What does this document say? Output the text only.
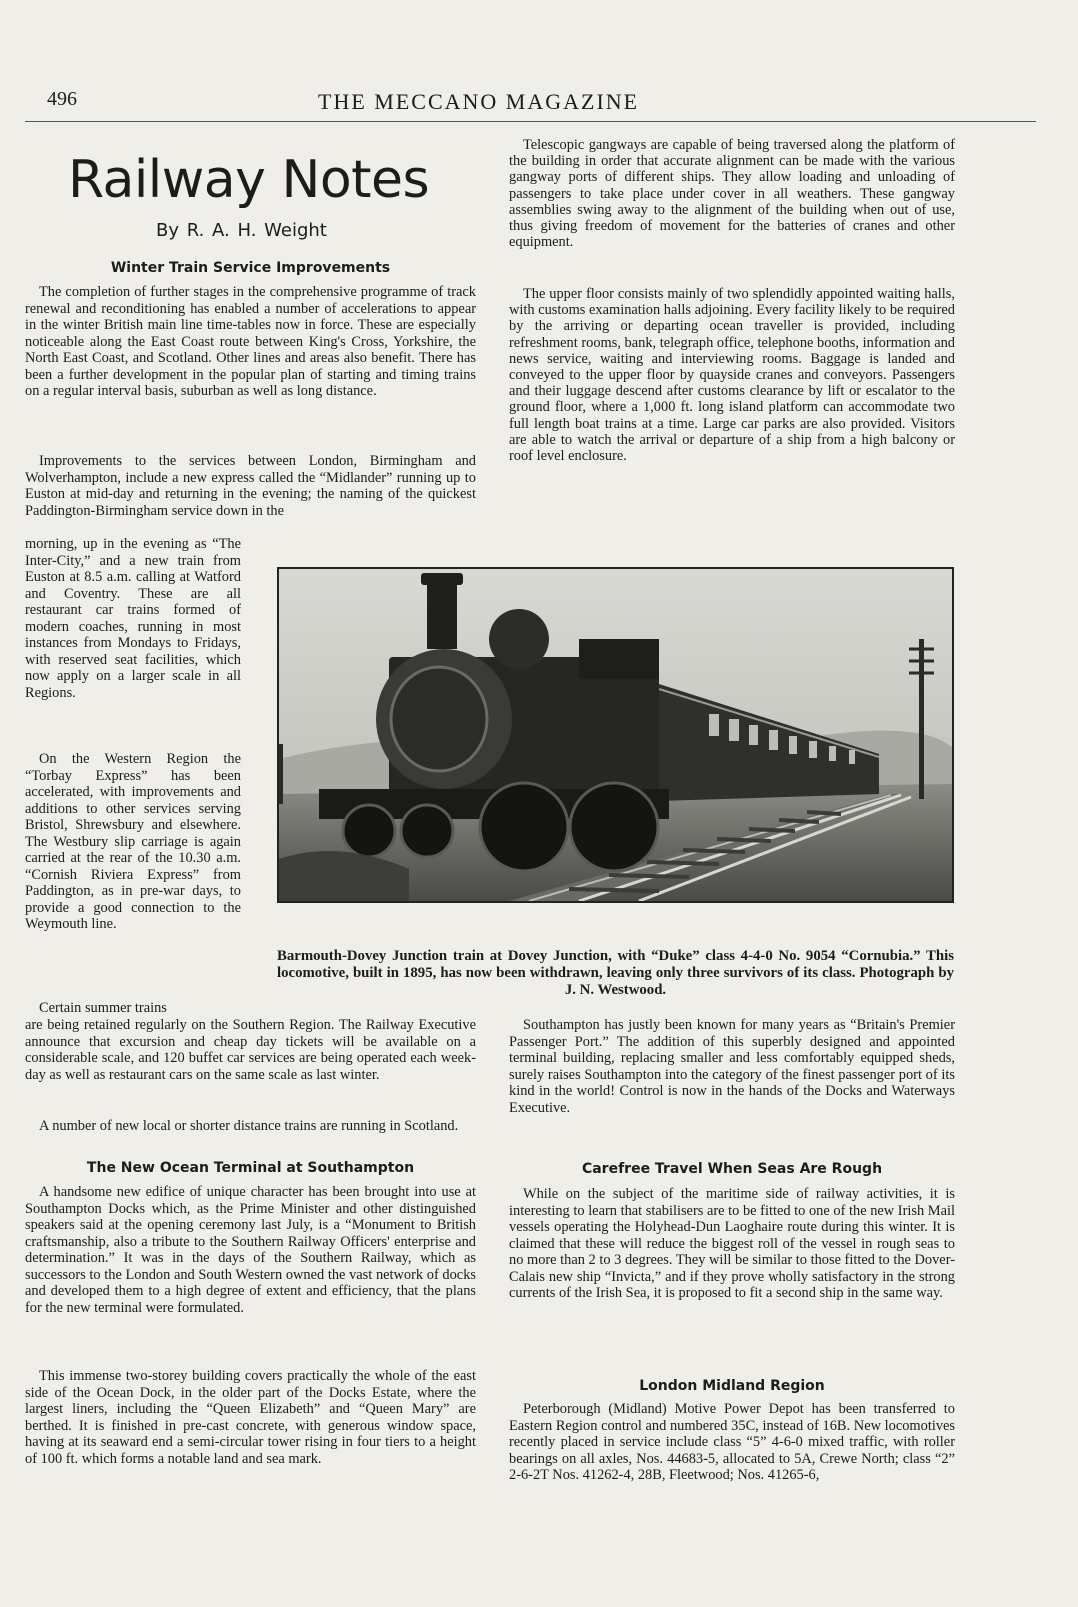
496	THE MECCANO MAGAZINE
Railway Notes
By R. A. H. Weight
Winter Train Service Improvements

The completion of further stages in the comprehensive programme of track renewal and reconditioning has enabled a number of accelerations to appear in the winter British main line time-tables now in force. These are especially noticeable along the East Coast route between King's Cross, Yorkshire, the North East Coast, and Scotland. Other lines and areas also benefit. There has been a further development in the popular plan of starting and timing trains on a regular interval basis, suburban as well as long distance.

Improvements to the services between London, Birmingham and Wolverhampton, include a new express called the “Midlander” running up to Euston at mid-day and returning in the evening; the naming of the quickest Paddington-Birmingham service down in the

morning, up in the evening as “The Inter-City,” and a new train from Euston at 8.5 a.m. calling at Watford and Coventry. These are all restaurant car trains formed of modern coaches, running in most instances from Mondays to Fridays, with reserved seat facilities, which now apply on a larger scale in all Regions.

On the Western Region the “Torbay Express” has been accelerated, with improvements and additions to other services serving Bristol, Shrewsbury and elsewhere. The Westbury slip carriage is again carried at the rear of the 10.30 a.m. “Cornish Riviera Express” from Paddington, as in pre-war days, to provide a good connection to the Weymouth line.

Certain summer trains

are being retained regularly on the Southern Region. The Railway Executive announce that excursion and cheap day tickets will be available on a considerable scale, and 120 buffet car services are being operated each week-day as well as restaurant cars on the same scale as last winter.

A number of new local or shorter distance trains are running in Scotland.

The New Ocean Terminal at Southampton

A handsome new edifice of unique character has been brought into use at Southampton Docks which, as the Prime Minister and other distinguished speakers said at the opening ceremony last July, is a “Monument to British craftsmanship, also a tribute to the Southern Railway Officers' enterprise and determination.” It was in the days of the Southern Railway, which as successors to the London and South Western owned the vast network of docks and developed them to a high degree of extent and efficiency, that the plans for the new terminal were formulated.

This immense two-storey building covers practically the whole of the east side of the Ocean Dock, in the older part of the Docks Estate, where the largest liners, including the “Queen Elizabeth” and “Queen Mary” are berthed. It is finished in pre-cast concrete, with generous window space, having at its seaward end a semi-circular tower rising in four tiers to a height of 100 ft. which forms a notable land and sea mark.

Telescopic gangways are capable of being traversed along the platform of the building in order that accurate alignment can be made with the various gangway ports of different ships. They allow loading and unloading of passengers to take place under cover in all weathers. These gangway assemblies swing away to the alignment of the building when out of use, thus giving freedom of movement for the batteries of cranes and other equipment.

The upper floor consists mainly of two splendidly appointed waiting halls, with customs examination halls adjoining. Every facility likely to be required by the arriving or departing ocean traveller is provided, including refreshment rooms, bank, telegraph office, telephone booths, information and news service, waiting and interviewing rooms. Baggage is landed and conveyed to the upper floor by quayside cranes and conveyors. Passengers and their luggage descend after customs clearance by lift or escalator to the ground floor, where a 1,000 ft. long island platform can accommodate two full length boat trains at a time. Large car parks are also provided. Visitors are able to watch the arrival or departure of a ship from a high balcony or roof level enclosure.

Barmouth-Dovey Junction train at Dovey Junction, with “Duke” class 4-4-0 No. 9054 “Cornubia.” This locomotive, built in 1895, has now been withdrawn, leaving only three survivors of its class. Photograph by J. N. Westwood.

Southampton has justly been known for many years as “Britain's Premier Passenger Port.” The addition of this superbly designed and appointed terminal building, replacing smaller and less comfortably equipped sheds, surely raises Southampton into the category of the finest passenger port of its kind in the world! Control is now in the hands of the Docks and Waterways Executive.

Carefree Travel When Seas Are Rough

While on the subject of the maritime side of railway activities, it is interesting to learn that stabilisers are to be fitted to one of the new Irish Mail vessels operating the Holyhead-Dun Laoghaire route during this winter. It is claimed that these will reduce the biggest roll of the vessel in rough seas to no more than 2 to 3 degrees. They will be similar to those fitted to the Dover-Calais new ship “Invicta,” and if they prove wholly satisfactory in the strong currents of the Irish Sea, it is proposed to fit a second ship in the same way.

London Midland Region

Peterborough (Midland) Motive Power Depot has been transferred to Eastern Region control and numbered 35C, instead of 16B. New locomotives recently placed in service include class “5” 4-6-0 mixed traffic, with roller bearings on all axles, Nos. 44683-5, allocated to 5A, Crewe North; class “2” 2-6-2T Nos. 41262-4, 28B, Fleetwood; Nos. 41265-6,
